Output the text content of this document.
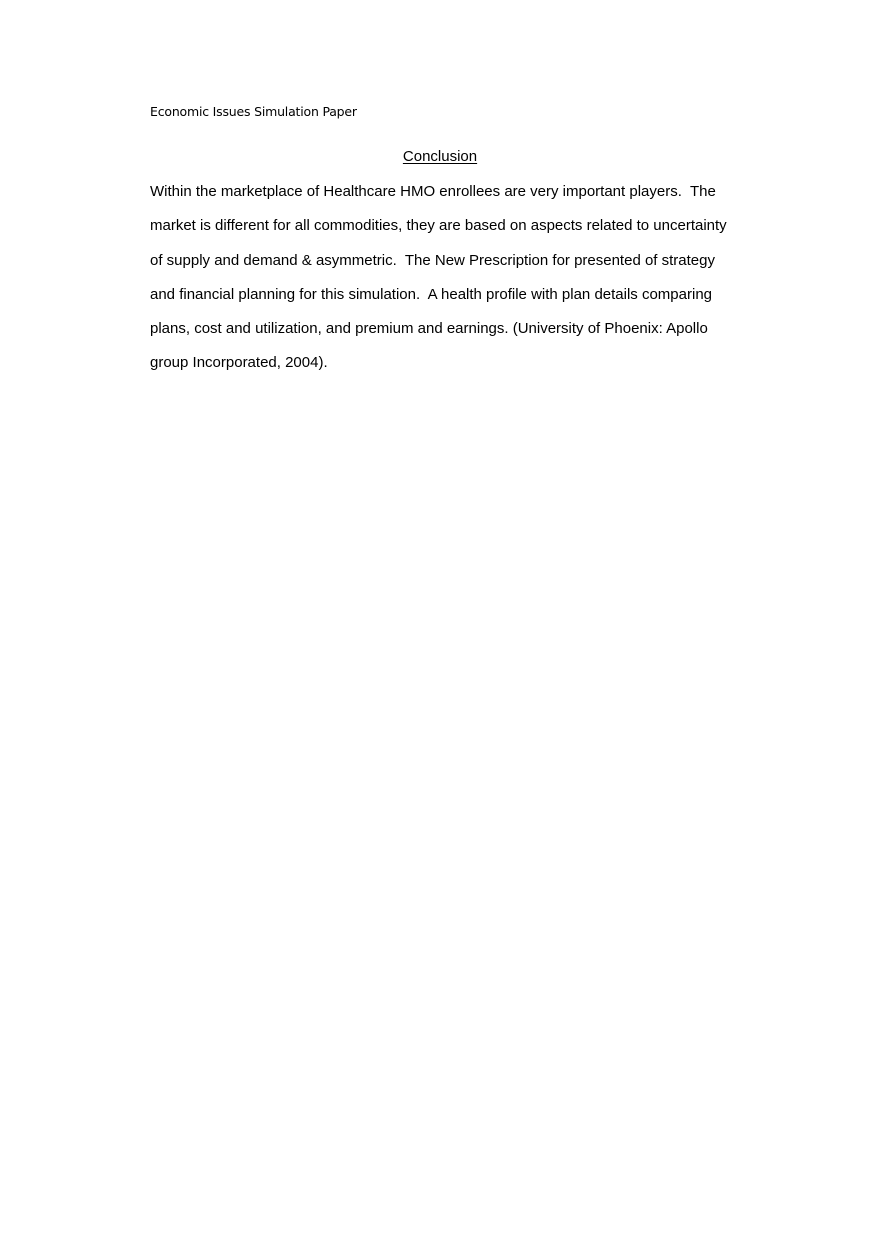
Economic Issues Simulation Paper
Conclusion
Within the marketplace of Healthcare HMO enrollees are very important players.  The
market is different for all commodities, they are based on aspects related to uncertainty
of supply and demand & asymmetric.  The New Prescription for presented of strategy
and financial planning for this simulation.  A health profile with plan details comparing
plans, cost and utilization, and premium and earnings. (University of Phoenix: Apollo
group Incorporated, 2004).
